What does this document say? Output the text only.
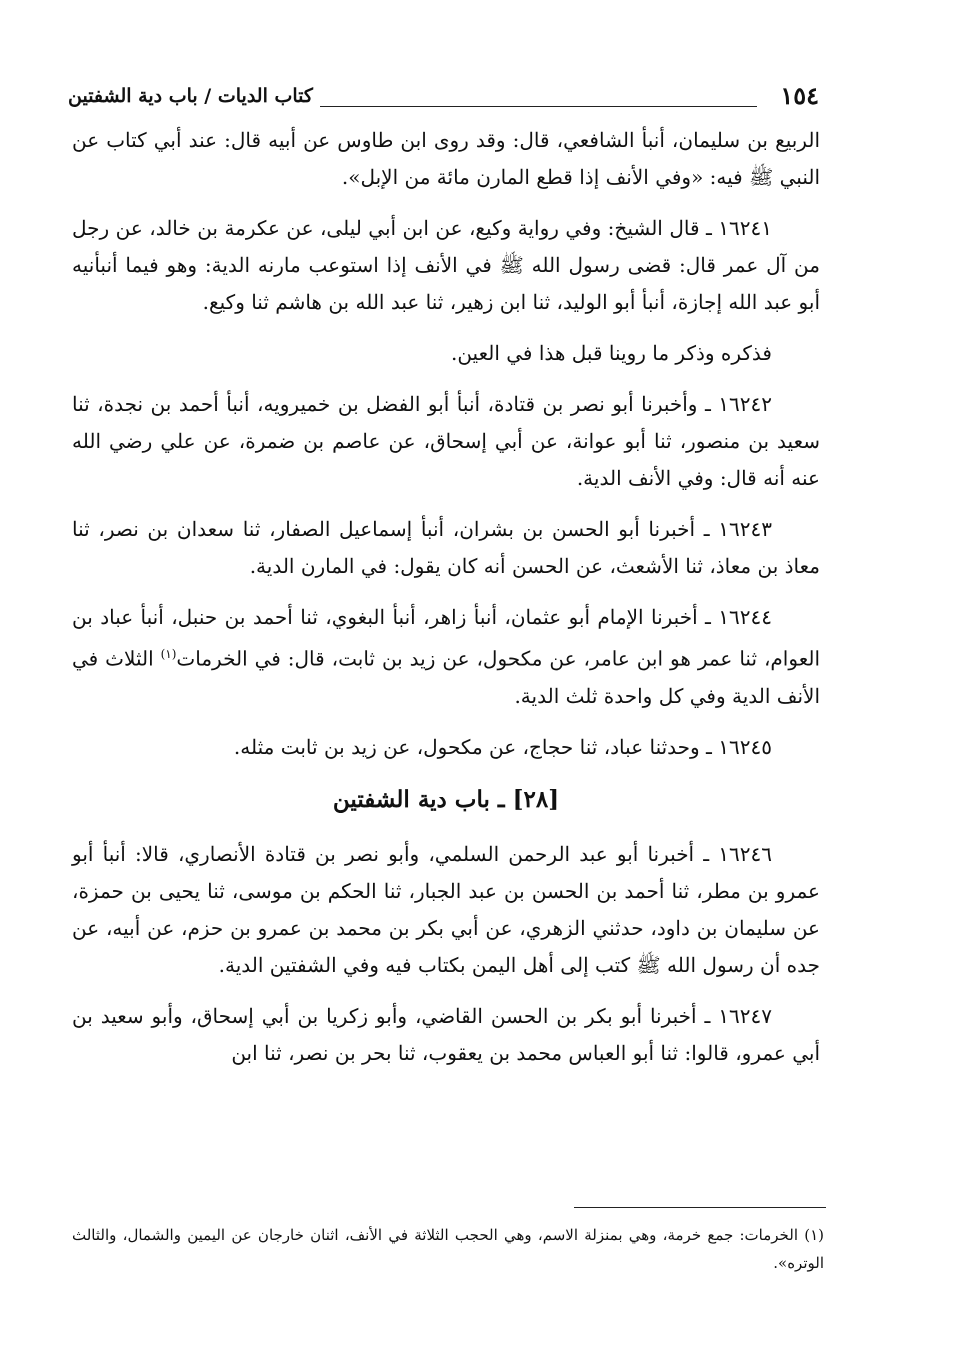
١٥٤
كتاب الديات / باب دية الشفتين

الربيع بن سليمان، أنبأ الشافعي، قال: وقد روى ابن طاوس عن أبيه قال: عند أبي كتاب عن النبي ﷺ فيه: «وفي الأنف إذا قطع المارن مائة من الإبل».

١٦٢٤١ ـ قال الشيخ: وفي رواية وكيع، عن ابن أبي ليلى، عن عكرمة بن خالد، عن رجل من آل عمر قال: قضى رسول الله ﷺ في الأنف إذا استوعب مارنه الدية: وهو فيما أنبأنيه أبو عبد الله إجازة، أنبأ أبو الوليد، ثنا ابن زهير، ثنا عبد الله بن هاشم ثنا وكيع.

فذكره وذكر ما روينا قبل هذا في العين.

١٦٢٤٢ ـ وأخبرنا أبو نصر بن قتادة، أنبأ أبو الفضل بن خميرويه، أنبأ أحمد بن نجدة، ثنا سعيد بن منصور، ثنا أبو عوانة، عن أبي إسحاق، عن عاصم بن ضمرة، عن علي رضي الله عنه أنه قال: وفي الأنف الدية.

١٦٢٤٣ ـ أخبرنا أبو الحسن بن بشران، أنبأ إسماعيل الصفار، ثنا سعدان بن نصر، ثنا معاذ بن معاذ، ثنا الأشعث، عن الحسن أنه كان يقول: في المارن الدية.

١٦٢٤٤ ـ أخبرنا الإمام أبو عثمان، أنبأ زاهر، أنبأ البغوي، ثنا أحمد بن حنبل، أنبأ عباد بن العوام، ثنا عمر هو ابن عامر، عن مكحول، عن زيد بن ثابت، قال: في الخرمات$^{(١)}$ الثلاث في الأنف الدية وفي كل واحدة ثلث الدية.

١٦٢٤٥ ـ وحدثنا عباد، ثنا حجاج، عن مكحول، عن زيد بن ثابت مثله.

[٢٨] ـ باب دية الشفتين

١٦٢٤٦ ـ أخبرنا أبو عبد الرحمن السلمي، وأبو نصر بن قتادة الأنصاري، قالا: أنبأ أبو عمرو بن مطر، ثنا أحمد بن الحسن بن عبد الجبار، ثنا الحكم بن موسى، ثنا يحيى بن حمزة، عن سليمان بن داود، حدثني الزهري، عن أبي بكر بن محمد بن عمرو بن حزم، عن أبيه، عن جده أن رسول الله ﷺ كتب إلى أهل اليمن بكتاب فيه وفي الشفتين الدية.

١٦٢٤٧ ـ أخبرنا أبو بكر بن الحسن القاضي، وأبو زكريا بن أبي إسحاق، وأبو سعيد بن أبي عمرو، قالوا: ثنا أبو العباس محمد بن يعقوب، ثنا بحر بن نصر، ثنا ابن

(١) الخرمات: جمع خرمة، وهي بمنزلة الاسم، وهي الحجب الثلاثة في الأنف، اثنان خارجان عن اليمين والشمال، والثالث الوتره».
